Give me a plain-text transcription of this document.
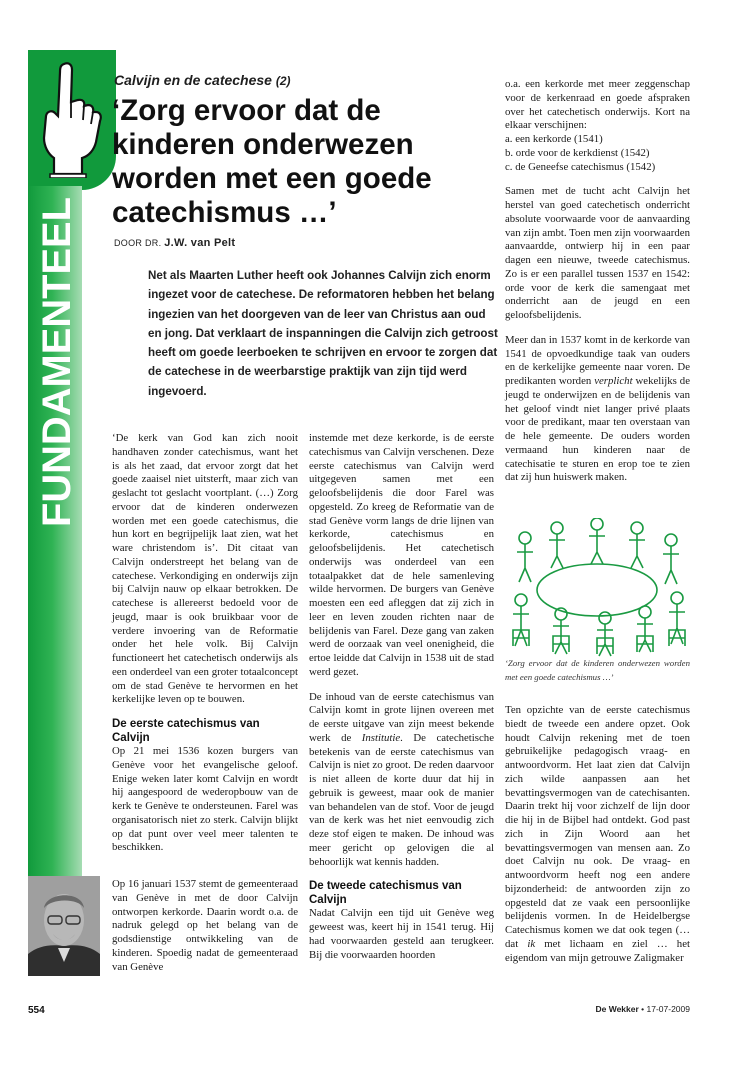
FUNDAMENTEEL
Calvijn en de catechese (2)
‘Zorg ervoor dat de kinderen onderwezen worden met een goede catechismus …’
DOOR DR. J.W. van Pelt
Net als Maarten Luther heeft ook Johannes Calvijn zich enorm ingezet voor de catechese. De reformatoren hebben het belang ingezien van het doorgeven van de leer van Christus aan oud en jong. Dat verklaart de inspanningen die Calvijn zich getroost heeft om goede leerboeken te schrijven en ervoor te zorgen dat de catechese in de weerbarstige praktijk van zijn tijd werd ingevoerd.

‘De kerk van God kan zich nooit handhaven zonder catechismus, want het is als het zaad, dat ervoor zorgt dat het goede zaaisel niet uitsterft, maar zich van geslacht tot geslacht voortplant. (…) Zorg ervoor dat de kinderen onderwezen worden met een goede catechismus, die hun kort en begrijpelijk laat zien, wat het ware christendom is’. Dit citaat van Calvijn onderstreept het belang van de catechese. Verkondiging en onderwijs zijn bij Calvijn nauw op elkaar betrokken. De catechese is allereerst bedoeld voor de jeugd, maar is ook bruikbaar voor de verdere invoering van de Reformatie onder het hele volk. Bij Calvijn functioneert het catechetisch onderwijs als een onderdeel van een groter totaalconcept om de stad Genève te hervormen en het kerkelijke leven op te bouwen.

De eerste catechismus van Calvijn

Op 21 mei 1536 kozen burgers van Genève voor het evangelische geloof. Enige weken later komt Calvijn en wordt hij aangespoord de wederopbouw van de kerk te Genève te ondersteunen. Farel was organisatorisch niet zo sterk. Calvijn blijkt op dat punt over veel meer talenten te beschikken.

Op 16 januari 1537 stemt de gemeenteraad van Genève in met de door Calvijn ontworpen kerkorde. Daarin wordt o.a. de nadruk gelegd op het belang van de godsdienstige ontwikkeling van de kinderen. Spoedig nadat de gemeenteraad van Genève

instemde met deze kerkorde, is de eerste catechismus van Calvijn verschenen. Deze eerste catechismus van Calvijn werd uitgegeven samen met een geloofsbelijdenis die door Farel was opgesteld. Zo kreeg de Reformatie van de stad Genève vorm langs de drie lijnen van kerkorde, catechismus en geloofsbelijdenis. Het catechetisch onderwijs was onderdeel van een totaalpakket dat de hele samenleving wilde hervormen. De burgers van Genève moesten een eed afleggen dat zij zich in leer en leven zouden richten naar de belijdenis van Farel. Deze gang van zaken werd de oorzaak van veel onenigheid, die ertoe leidde dat Calvijn in 1538 uit de stad werd gezet.

De inhoud van de eerste catechismus van Calvijn komt in grote lijnen overeen met de eerste uitgave van zijn meest bekende werk de Institutie. De catechetische betekenis van de eerste catechismus van Calvijn is niet zo groot. De reden daarvoor is niet alleen de korte duur dat hij in gebruik is geweest, maar ook de manier van behandelen van de stof. Voor de jeugd van de kerk was het niet eenvoudig zich deze stof eigen te maken. De inhoud was meer gericht op gelovigen die al behoorlijk wat kennis hadden.

De tweede catechismus van Calvijn

Nadat Calvijn een tijd uit Genève weg geweest was, keert hij in 1541 terug. Hij had voorwaarden gesteld aan terugkeer. Bij die voorwaarden hoorden

o.a. een kerkorde met meer zeggenschap voor de kerkenraad en goede afspraken over het catechetisch onderwijs. Kort na elkaar verschijnen:

a. een kerkorde (1541)
b. orde voor de kerkdienst (1542)
c. de Geneefse catechismus (1542)

Samen met de tucht acht Calvijn het herstel van goed catechetisch onderricht absolute voorwaarde voor de aanvaarding van zijn ambt. Toen men zijn voorwaarden aanvaardde, ontwierp hij in een paar dagen een nieuwe, tweede catechismus. Zo is er een parallel tussen 1537 en 1542: orde voor de kerk die samengaat met onderricht aan de jeugd en een geloofsbelijdenis.

Meer dan in 1537 komt in de kerkorde van 1541 de opvoedkundige taak van ouders en de kerkelijke gemeente naar voren. De predikanten worden verplicht wekelijks de jeugd te onderwijzen en de belijdenis van het geloof vindt niet langer privé plaats voor de predikant, maar ten overstaan van de hele gemeente. De ouders worden vermaand hun kinderen naar de catechisatie te sturen en erop toe te zien dat zij hun huiswerk maken.

‘Zorg ervoor dat de kinderen onderwezen worden met een goede catechismus …’

Ten opzichte van de eerste catechismus biedt de tweede een andere opzet. Ook houdt Calvijn rekening met de toen gebruikelijke pedagogisch vraag- en antwoordvorm. Het laat zien dat Calvijn zich wilde aanpassen aan het bevattingsvermogen van de catechisanten. Daarin trekt hij voor zichzelf de lijn door die hij in de Bijbel had ontdekt. God past zich in Zijn Woord aan het bevattingsvermogen van mensen aan. Zo doet Calvijn nu ook. De vraag- en antwoordvorm heeft nog een andere bijzonderheid: de antwoorden zijn zo opgesteld dat ze vaak een persoonlijke belijdenis vormen. In de Heidelbergse Catechismus komen we dat ook tegen (… dat ik met lichaam en ziel … het eigendom van mijn getrouwe Zaligmaker

554	De Wekker • 17-07-2009
